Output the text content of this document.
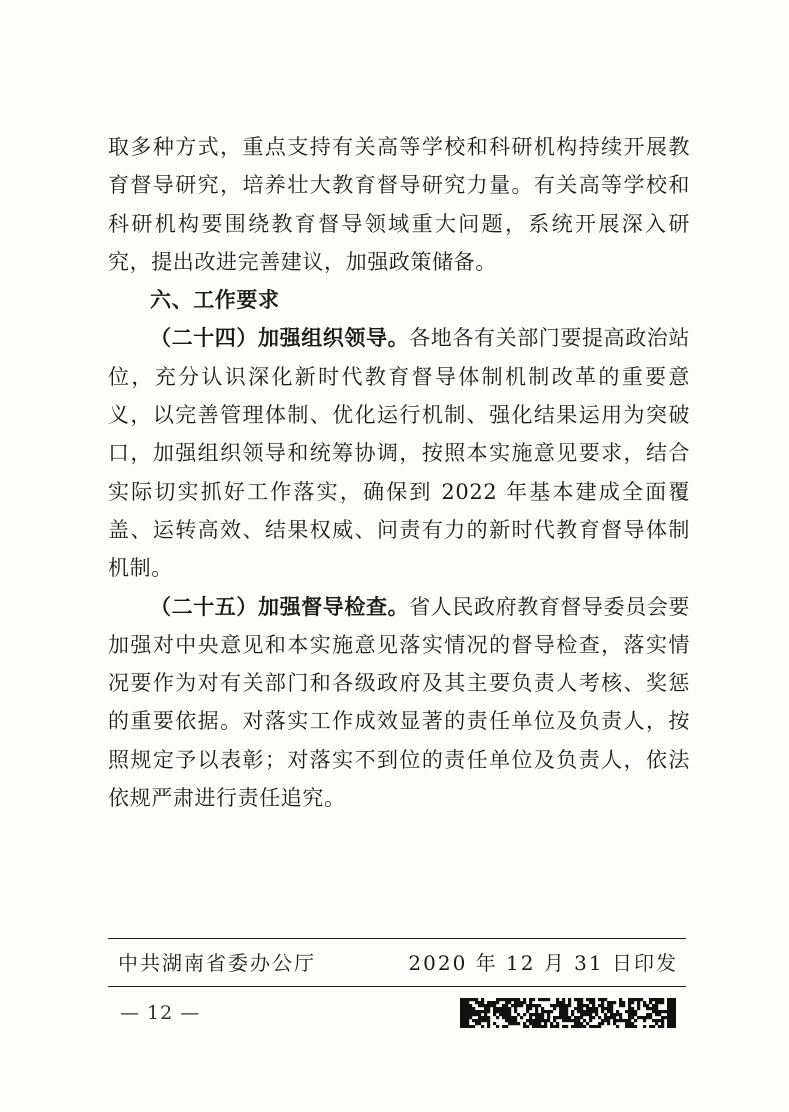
取多种方式，重点支持有关高等学校和科研机构持续开展教育督导研究，培养壮大教育督导研究力量。有关高等学校和科研机构要围绕教育督导领域重大问题，系统开展深入研究，提出改进完善建议，加强政策储备。

六、工作要求

（二十四）加强组织领导。各地各有关部门要提高政治站位，充分认识深化新时代教育督导体制机制改革的重要意义，以完善管理体制、优化运行机制、强化结果运用为突破口，加强组织领导和统筹协调，按照本实施意见要求，结合实际切实抓好工作落实，确保到 2022 年基本建成全面覆盖、运转高效、结果权威、问责有力的新时代教育督导体制机制。

（二十五）加强督导检查。省人民政府教育督导委员会要加强对中央意见和本实施意见落实情况的督导检查，落实情况要作为对有关部门和各级政府及其主要负责人考核、奖惩的重要依据。对落实工作成效显著的责任单位及负责人，按照规定予以表彰；对落实不到位的责任单位及负责人，依法依规严肃进行责任追究。

中共湖南省委办公厅	2020 年 12 月 31 日印发
— 12 —
